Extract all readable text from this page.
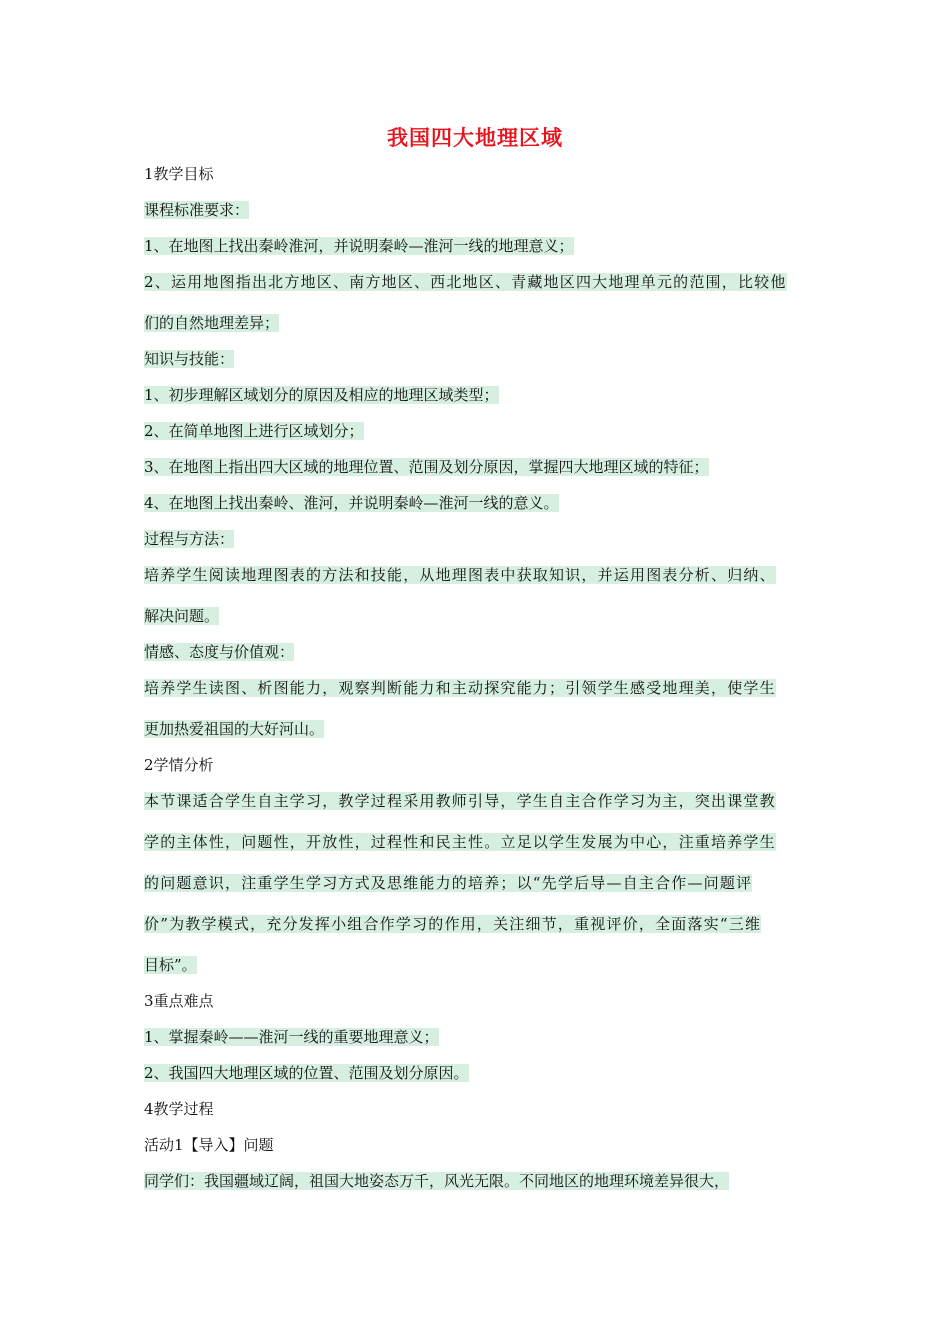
我国四大地理区域
1教学目标
课程标准要求：
1、在地图上找出秦岭淮河，并说明秦岭—淮河一线的地理意义；
2、运用地图指出北方地区、南方地区、西北地区、青藏地区四大地理单元的范围，比较他
们的自然地理差异；
知识与技能：
1、初步理解区域划分的原因及相应的地理区域类型；
2、在简单地图上进行区域划分；
3、在地图上指出四大区域的地理位置、范围及划分原因，掌握四大地理区域的特征；
4、在地图上找出秦岭、淮河，并说明秦岭—淮河一线的意义。
过程与方法：
培养学生阅读地理图表的方法和技能，从地理图表中获取知识，并运用图表分析、归纳、
解决问题。
情感、态度与价值观：
培养学生读图、析图能力，观察判断能力和主动探究能力；引领学生感受地理美，使学生
更加热爱祖国的大好河山。
2学情分析
本节课适合学生自主学习，教学过程采用教师引导，学生自主合作学习为主，突出课堂教
学的主体性，问题性，开放性，过程性和民主性。立足以学生发展为中心，注重培养学生
的问题意识，注重学生学习方式及思维能力的培养；以“先学后导—自主合作—问题评
价”为教学模式，充分发挥小组合作学习的作用，关注细节，重视评价，全面落实“三维
目标”。
3重点难点
1、掌握秦岭——淮河一线的重要地理意义；
2、我国四大地理区域的位置、范围及划分原因。
4教学过程
活动1【导入】问题
同学们：我国疆域辽阔，祖国大地姿态万千，风光无限。不同地区的地理环境差异很大，
